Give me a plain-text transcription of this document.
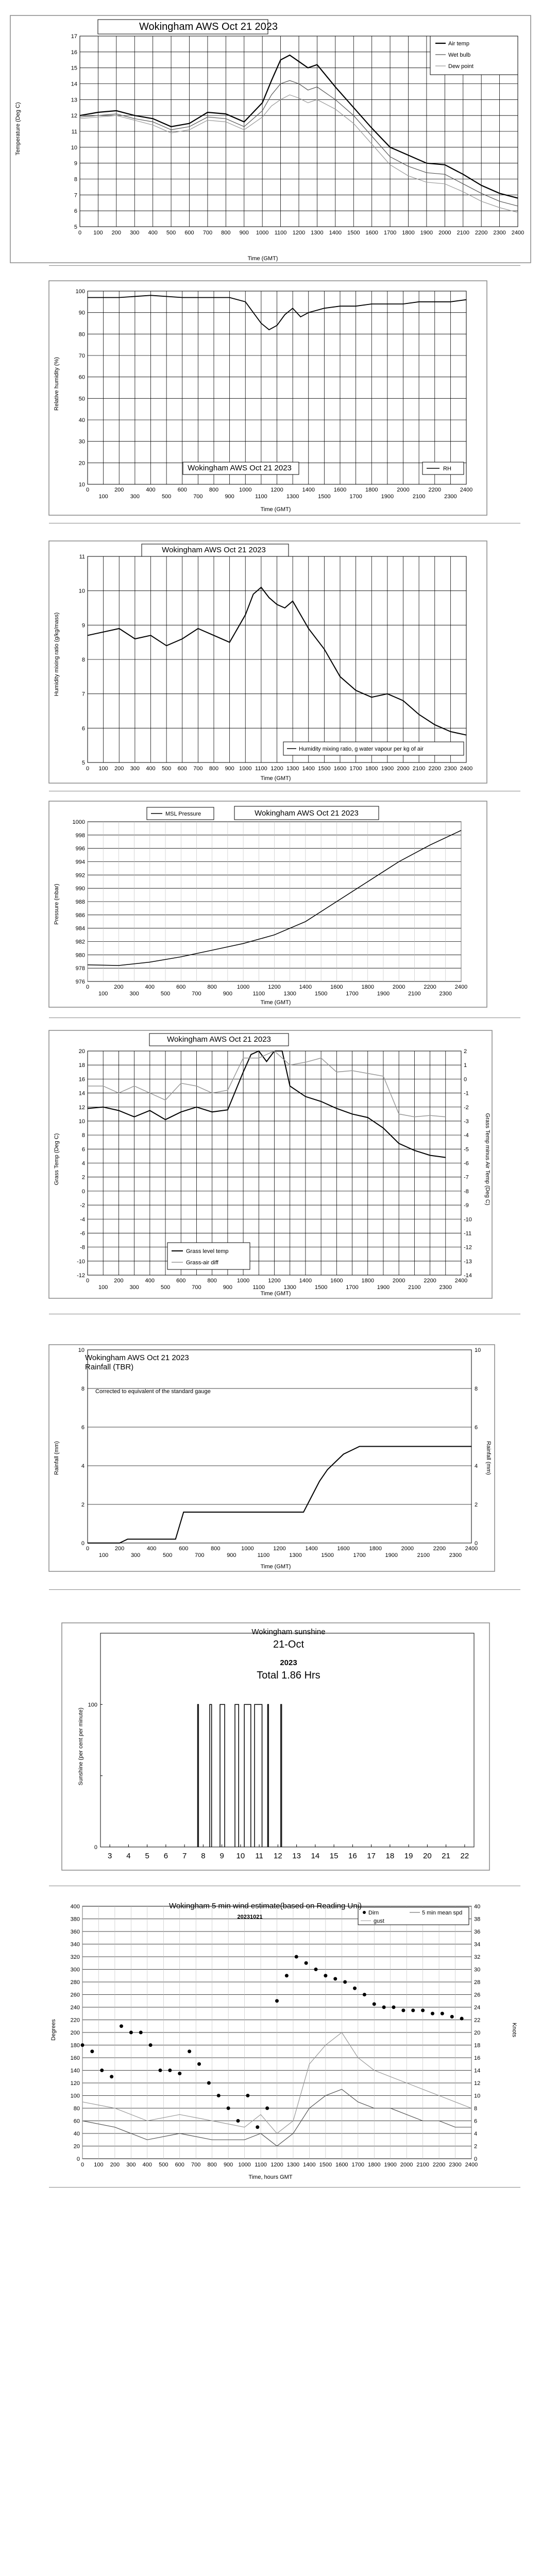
5
6
7
8
9
10
11
12
13
14
15
16
17
0 100 200 300 400 500 600 700 800 900 1000 1100 1200 1300 1400 1500 1600 1700 1800 1900 2000 2100 2200 2300 2400
Air temp
Wet bulb
Dew point
Wokingham AWS Oct 21 2023
Time (GMT)
Temperature (Deg C)
10
20
30
40
50
60
70
80
90
100
0	200	400	600	800	1000	1200	1400	1600	1800	2000	2200	2400
100	300	500	700	900	1100	1300	1500	1700	1900	2100	2300
RH
Wokingham AWS Oct 21 2023
Time (GMT)
Relative humidity (%)
5
6
7
8
9
10
11
0 100 200 300 400 500 600 700 800 900 1000 1100 1200 1300 1400 1500 1600 1700 1800 1900 2000 2100 2200 2300 2400
Humidity mixing ratio, g water vapour per kg of air
Wokingham AWS Oct 21 2023
Time (GMT)
Humidity mixing ratio (g/kg/mass)
976
978
980
982
984
986
988
990
992
994
996
998
1000
0	200	400	600	800	1000	1200	1400	1600	1800	2000	2200	2400
100	300	500	700	900	1100	1300	1500	1700	1900	2100	2300
MSL Pressure	Wokingham AWS Oct 21 2023
Time (GMT)
Pressure (mbar)
-12
-10
-8
-6
-4
-2
0
2
4
6
8
10
12
14
16
18
20
-14
-13
-12
-11
-10
-9
-8
-7
-6
-5
-4
-3
-2
-1
0
1
2
0	200	400	600	800	1000	1200	1400	1600	1800	2000	2200	2400
100	300	500	700	900	1100	1300	1500	1700	1900	2100	2300
Grass level temp
Grass-air diff
Wokingham AWS Oct 21 2023
Time (GMT)
Grass Temp (Deg C)	Grass Temp minus Air Temp (Deg C)
0	0
2	2
4	4
6	6
8	8
10	10
0	200	400	600	800	1000	1200	1400	1600	1800	2000	2200	2400
100	300	500	700	900	1100	1300	1500	1700	1900	2100	2300
Wokingham AWS Oct 21 2023
Rainfall (TBR)
Corrected to equivalent of the standard gauge
Time (GMT)
Rainfall (mm)	Rainfall (mm)
0
100
3 4 5 6 7 8 9 10 11 12 13 14 15 16 17 18 19 20 21 22
Wokingham sunshine
21-Oct
2023
Total 1.86 Hrs
Sunshine (per cent per minute)
0
20
40
60
80
100
120
140
160
180
200
220
240
260
280
300
320
340
360
380
400
0
2
4
6
8
10
12
14
16
18
20
22
24
26
28
30
32
34
36
38
40
0 100 200 300 400 500 600 700 800 900 1000 1100 1200 1300 1400 1500 1600 1700 1800 1900 2000 2100 2200 2300 2400
Dirn	5 min mean spd
gust
Wokingham 5 min wind estimate(based on Reading Uni)
20231021
Time, hours GMT
Degrees	Knots
